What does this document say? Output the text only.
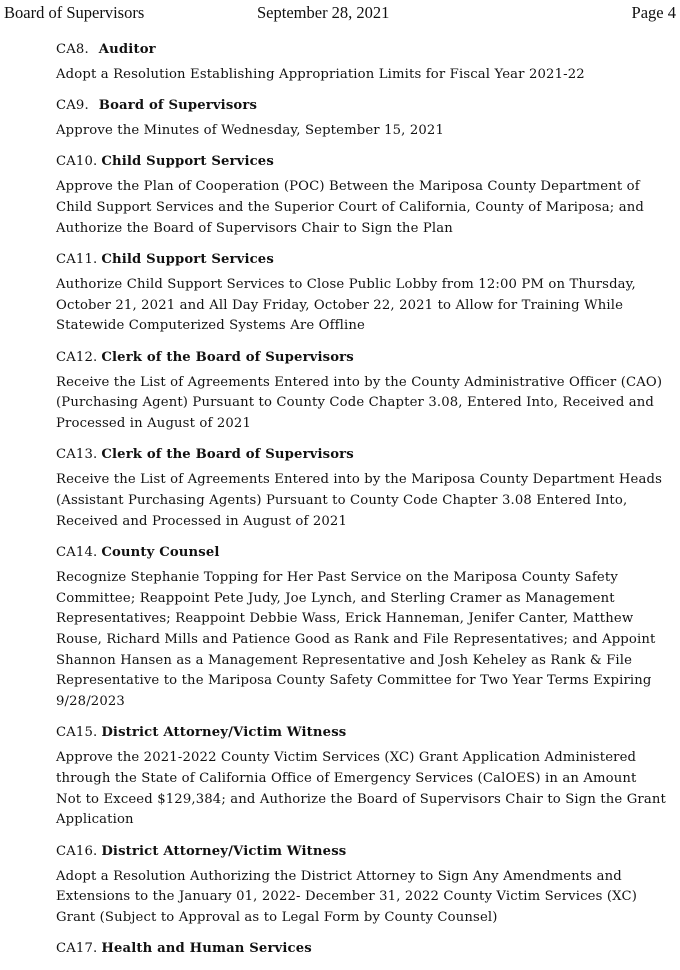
Board of Supervisors	September 28, 2021	Page 4
CA8. Auditor

Adopt a Resolution Establishing Appropriation Limits for Fiscal Year 2021-22

CA9. Board of Supervisors

Approve the Minutes of Wednesday, September 15, 2021

CA10. Child Support Services

Approve the Plan of Cooperation (POC) Between the Mariposa County Department of Child Support Services and the Superior Court of California, County of Mariposa; and Authorize the Board of Supervisors Chair to Sign the Plan

CA11. Child Support Services

Authorize Child Support Services to Close Public Lobby from 12:00 PM on Thursday, October 21, 2021 and All Day Friday, October 22, 2021 to Allow for Training While Statewide Computerized Systems Are Offline

CA12. Clerk of the Board of Supervisors

Receive the List of Agreements Entered into by the County Administrative Officer (CAO) (Purchasing Agent) Pursuant to County Code Chapter 3.08, Entered Into, Received and Processed in August of 2021

CA13. Clerk of the Board of Supervisors

Receive the List of Agreements Entered into by the Mariposa County Department Heads (Assistant Purchasing Agents) Pursuant to County Code Chapter 3.08 Entered Into, Received and Processed in August of 2021

CA14. County Counsel

Recognize Stephanie Topping for Her Past Service on the Mariposa County Safety Committee; Reappoint Pete Judy, Joe Lynch, and Sterling Cramer as Management Representatives; Reappoint Debbie Wass, Erick Hanneman, Jenifer Canter, Matthew Rouse, Richard Mills and Patience Good as Rank and File Representatives; and Appoint Shannon Hansen as a Management Representative and Josh Keheley as Rank & File Representative to the Mariposa County Safety Committee for Two Year Terms Expiring 9/28/2023

CA15. District Attorney/Victim Witness

Approve the 2021-2022 County Victim Services (XC) Grant Application Administered through the State of California Office of Emergency Services (CalOES) in an Amount Not to Exceed $129,384; and Authorize the Board of Supervisors Chair to Sign the Grant Application

CA16. District Attorney/Victim Witness

Adopt a Resolution Authorizing the District Attorney to Sign Any Amendments and Extensions to the January 01, 2022- December 31, 2022 County Victim Services (XC) Grant (Subject to Approval as to Legal Form by County Counsel)

CA17. Health and Human Services
